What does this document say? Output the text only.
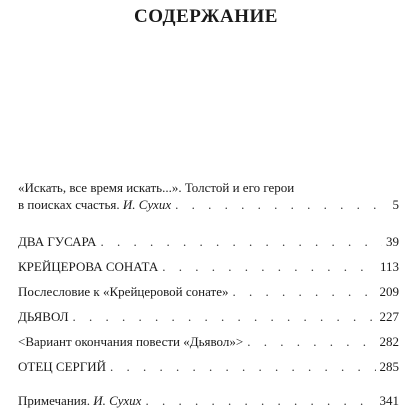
СОДЕРЖАНИЕ
«Искать, все время искать...». Толстой и его герои
в поисках счастья. И. Сухих . . .	5
ДВА ГУСАРА . . .	39
КРЕЙЦЕРОВА СОНАТА . . .	113
Послесловие к «Крейцеровой сонате» . . .	209
ДЬЯВОЛ . . .	227
<Вариант окончания повести «Дьявол»> . . .	282
ОТЕЦ СЕРГИЙ . . .	285
Примечания. И. Сухих . . .	341
